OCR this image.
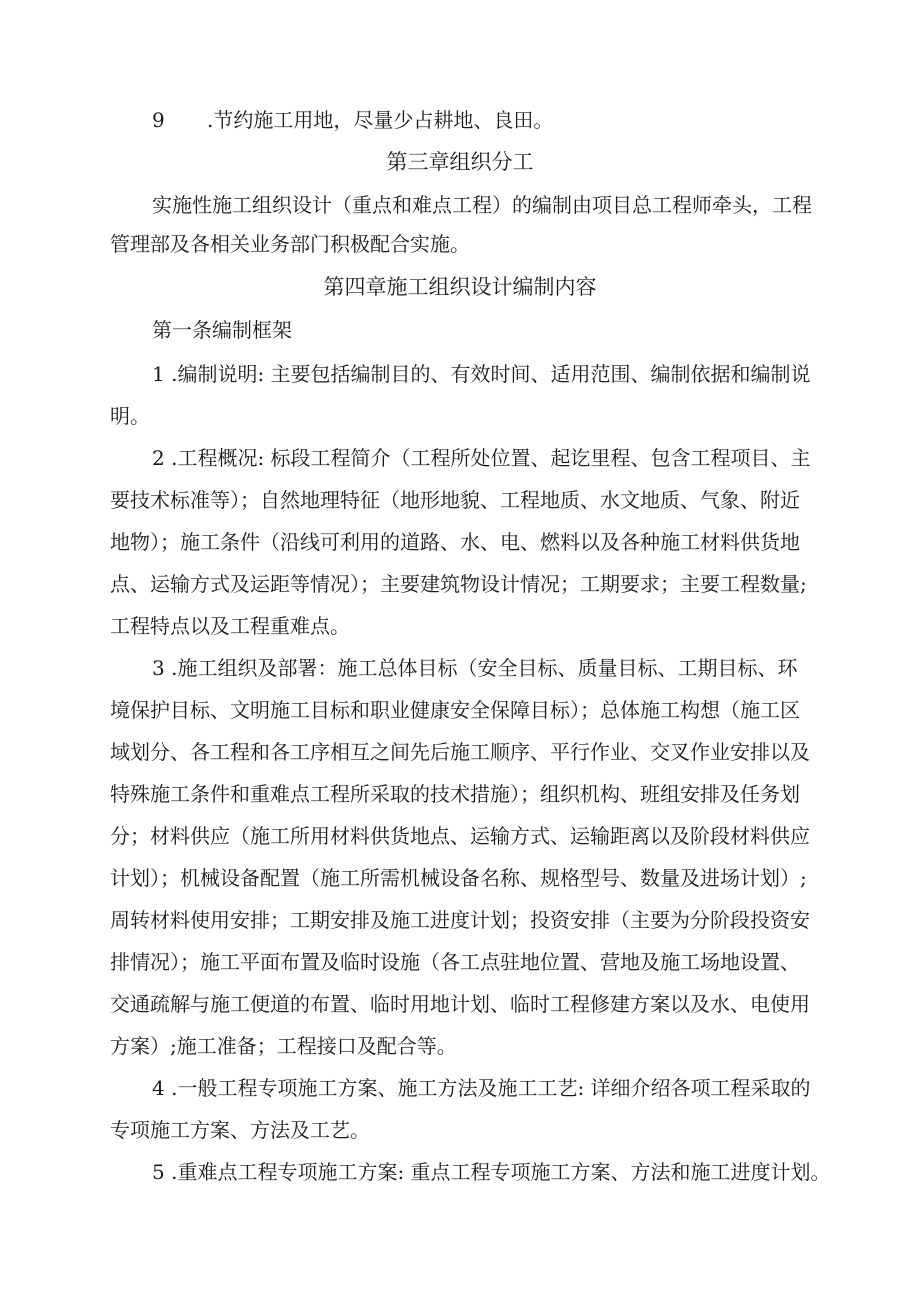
9 .节约施工用地，尽量少占耕地、良田。
第三章组织分工
实施性施工组织设计（重点和难点工程）的编制由项目总工程师牵头，工程
管理部及各相关业务部门积极配合实施。
第四章施工组织设计编制内容
第一条编制框架
1 .编制说明: 主要包括编制目的、有效时间、适用范围、编制依据和编制说
明。
2 .工程概况: 标段工程简介（工程所处位置、起讫里程、包含工程项目、主
要技术标准等）；自然地理特征（地形地貌、工程地质、水文地质、气象、附近
地物）；施工条件（沿线可利用的道路、水、电、燃料以及各种施工材料供货地
点、运输方式及运距等情况）；主要建筑物设计情况；工期要求；主要工程数量;
工程特点以及工程重难点。
3 .施工组织及部署：施工总体目标（安全目标、质量目标、工期目标、环
境保护目标、文明施工目标和职业健康安全保障目标）；总体施工构想（施工区
域划分、各工程和各工序相互之间先后施工顺序、平行作业、交叉作业安排以及
特殊施工条件和重难点工程所采取的技术措施）；组织机构、班组安排及任务划
分；材料供应（施工所用材料供货地点、运输方式、运输距离以及阶段材料供应
计划）；机械设备配置（施工所需机械设备名称、规格型号、数量及进场计划）;
周转材料使用安排；工期安排及施工进度计划；投资安排（主要为分阶段投资安
排情况）；施工平面布置及临时设施（各工点驻地位置、营地及施工场地设置、
交通疏解与施工便道的布置、临时用地计划、临时工程修建方案以及水、电使用
方案）;施工准备；工程接口及配合等。
4 .一般工程专项施工方案、施工方法及施工工艺: 详细介绍各项工程采取的
专项施工方案、方法及工艺。
5 .重难点工程专项施工方案: 重点工程专项施工方案、方法和施工进度计划。
